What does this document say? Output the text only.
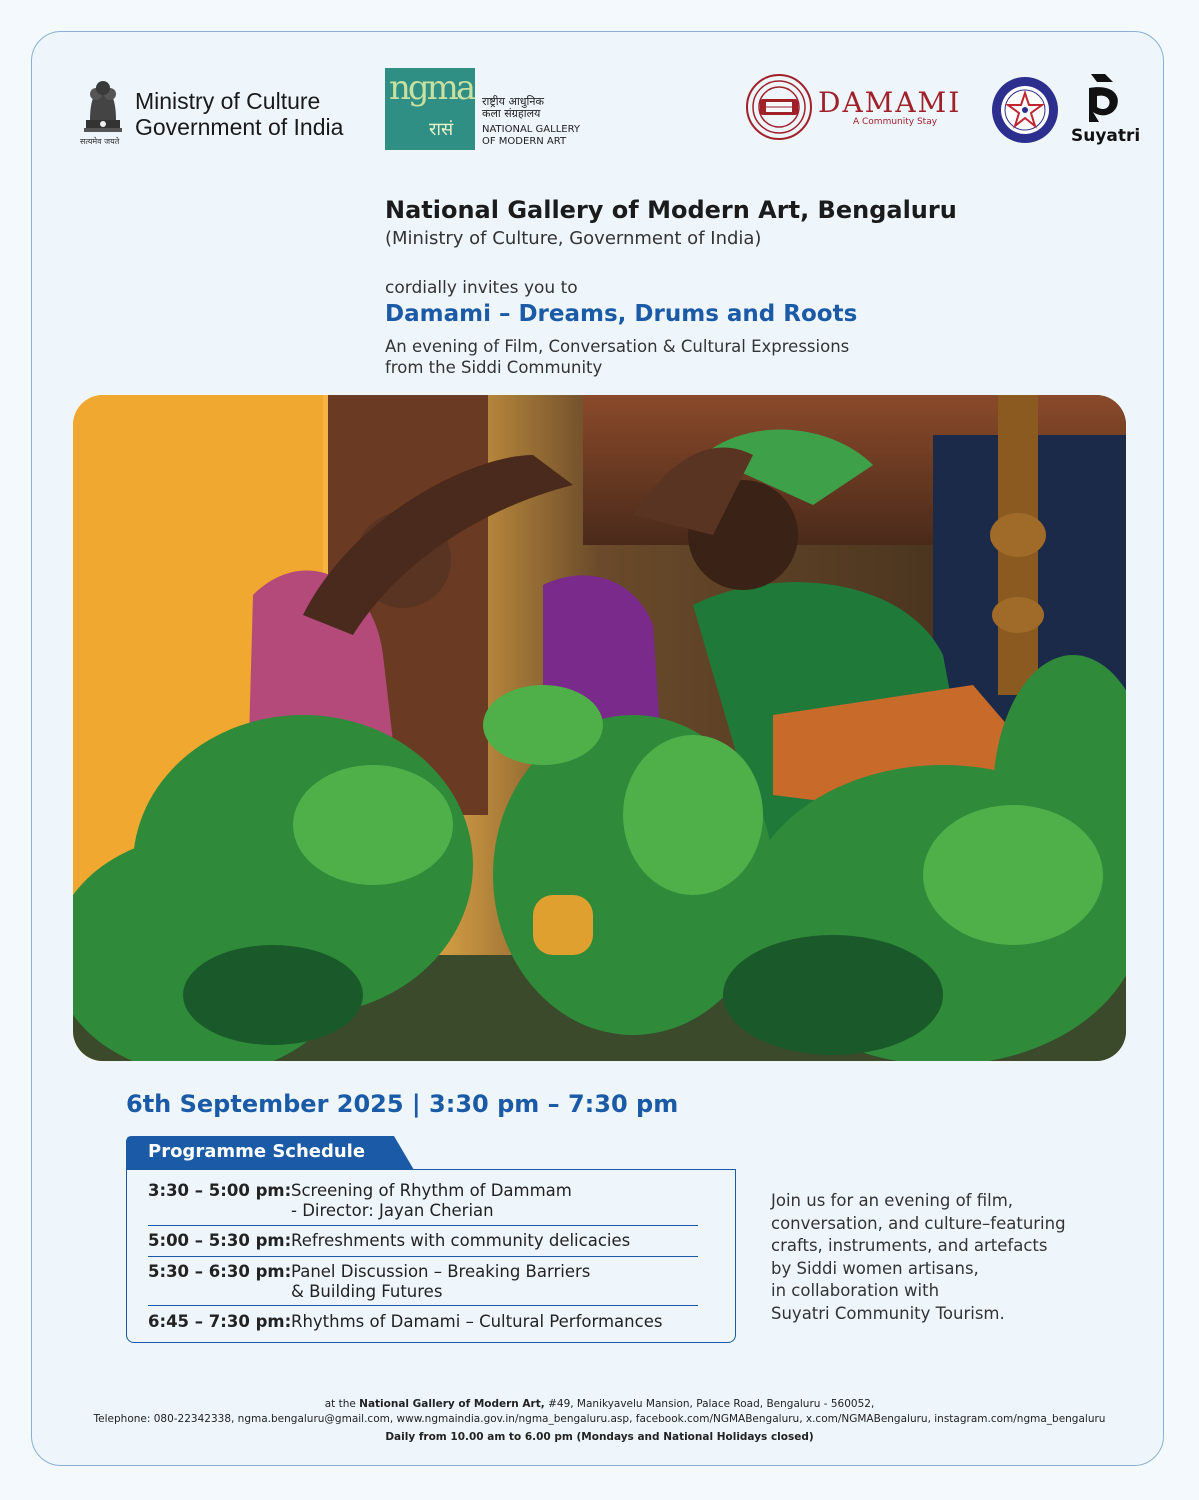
सत्यमेव जयते
Ministry of Culture
Government of India
ngma
रासं
राष्ट्रीय आधुनिक
कला संग्रहालय
NATIONAL GALLERY
OF MODERN ART
DAMAMI
A Community Stay
Suyatri
National Gallery of Modern Art, Bengaluru
(Ministry of Culture, Government of India)
cordially invites you to
Damami – Dreams, Drums and Roots
An evening of Film, Conversation & Cultural Expressions
from the Siddi Community
6th September 2025 | 3:30 pm – 7:30 pm
Programme Schedule
3:30 – 5:00 pm: Screening of Rhythm of Dammam
- Director: Jayan Cherian
5:00 – 5:30 pm: Refreshments with community delicacies
5:30 – 6:30 pm: Panel Discussion – Breaking Barriers
& Building Futures
6:45 – 7:30 pm: Rhythms of Damami – Cultural Performances
Join us for an evening of film,
conversation, and culture–featuring
crafts, instruments, and artefacts
by Siddi women artisans,
in collaboration with
Suyatri Community Tourism.
at the National Gallery of Modern Art, #49, Manikyavelu Mansion, Palace Road, Bengaluru - 560052,
Telephone: 080-22342338, ngma.bengaluru@gmail.com, www.ngmaindia.gov.in/ngma_bengaluru.asp, facebook.com/NGMABengaluru, x.com/NGMABengaluru, instagram.com/ngma_bengaluru
Daily from 10.00 am to 6.00 pm (Mondays and National Holidays closed)
